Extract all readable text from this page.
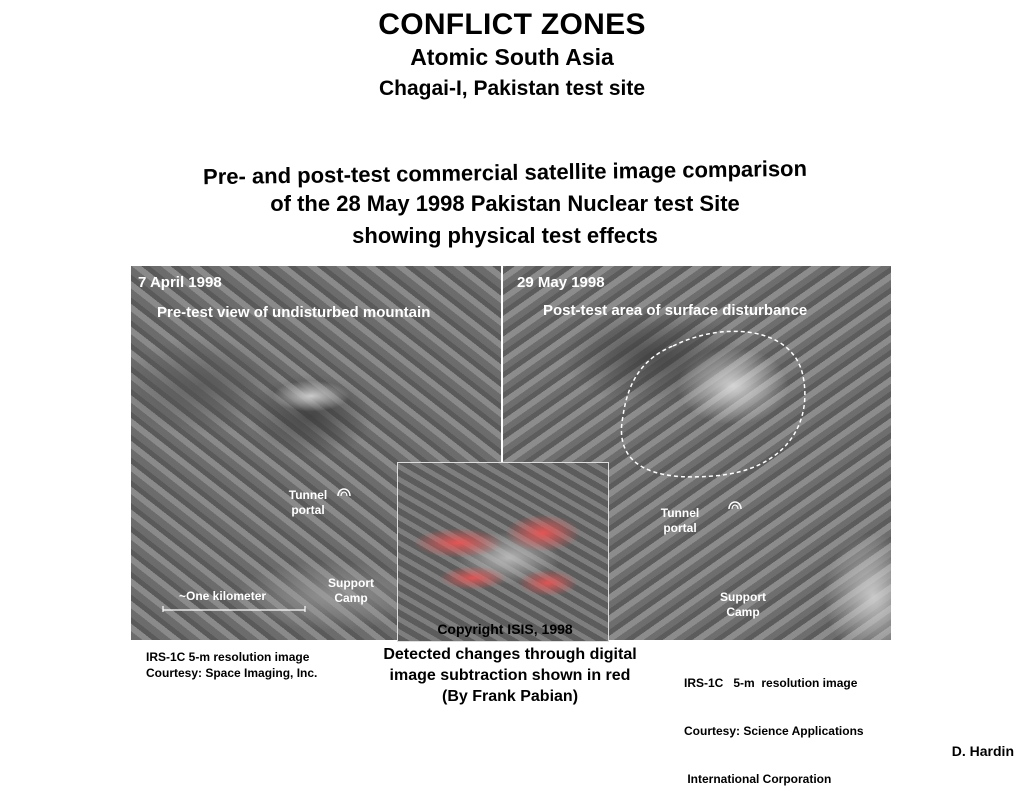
CONFLICT ZONES
Atomic South Asia
Chagai-I, Pakistan test site
Pre- and post-test commercial satellite image comparison
of the 28 May 1998 Pakistan Nuclear test Site
showing physical test effects
7 April 1998
Pre-test view of undisturbed mountain
Tunnel
portal
Support
Camp
~One kilometer
29 May 1998
Post-test area of surface disturbance
Tunnel
portal
Support
Camp
Copyright ISIS, 1998
IRS-1C 5-m resolution image
Courtesy: Space Imaging, Inc.
Detected changes through digital
image subtraction shown in red
(By Frank Pabian)

IRS-1C   5-m  resolution image

Courtesy: Science Applications

International Corporation

D. Hardin
